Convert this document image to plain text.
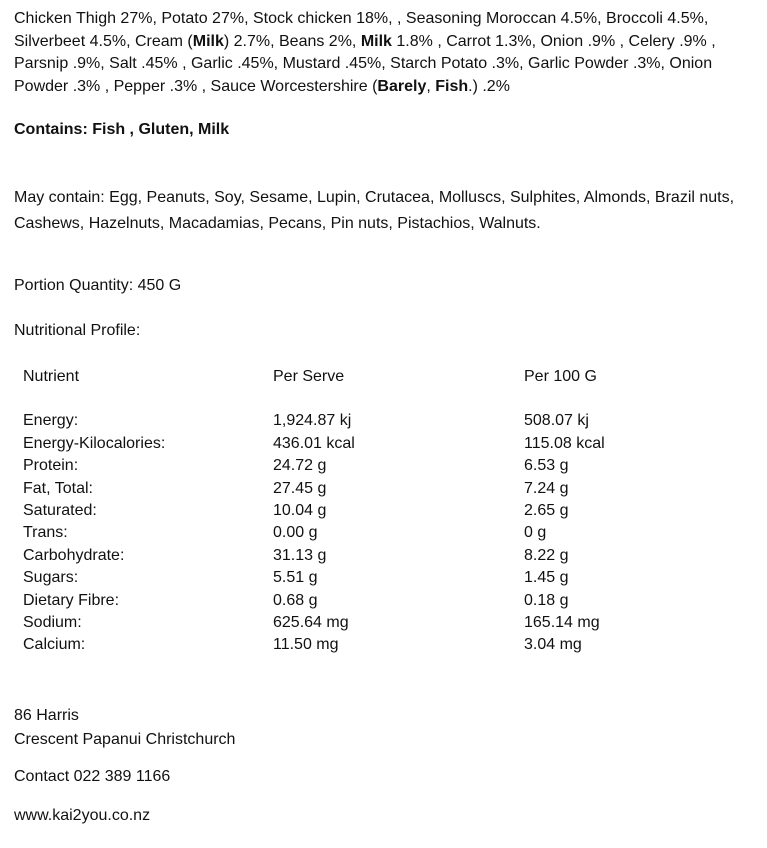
Chicken Thigh 27%, Potato 27%, Stock chicken 18%, , Seasoning Moroccan 4.5%, Broccoli 4.5%, Silverbeet 4.5%, Cream (Milk) 2.7%, Beans 2%, Milk 1.8% , Carrot 1.3%, Onion .9% , Celery .9% , Parsnip .9%, Salt .45% , Garlic .45%, Mustard .45%, Starch Potato .3%, Garlic Powder .3%, Onion Powder .3% , Pepper .3% , Sauce Worcestershire (Barely, Fish.) .2%

Contains: Fish , Gluten, Milk

May contain: Egg, Peanuts, Soy, Sesame, Lupin, Crutacea, Molluscs, Sulphites, Almonds, Brazil nuts, Cashews, Hazelnuts, Macadamias, Pecans, Pin nuts, Pistachios, Walnuts.

Portion Quantity: 450 G

Nutritional Profile:

Nutrient	Per Serve	Per 100 G
Energy:	1,924.87 kj	508.07 kj
Energy-Kilocalories:	436.01 kcal	115.08 kcal
Protein:	24.72 g	6.53 g
Fat, Total:	27.45 g	7.24 g
Saturated:	10.04 g	2.65 g
Trans:	0.00 g	0 g
Carbohydrate:	31.13 g	8.22 g
Sugars:	5.51 g	1.45 g
Dietary Fibre:	0.68 g	0.18 g
Sodium:	625.64 mg	165.14 mg
Calcium:	11.50 mg	3.04 mg

86 Harris
Crescent Papanui Christchurch

Contact 022 389 1166

www.kai2you.co.nz
